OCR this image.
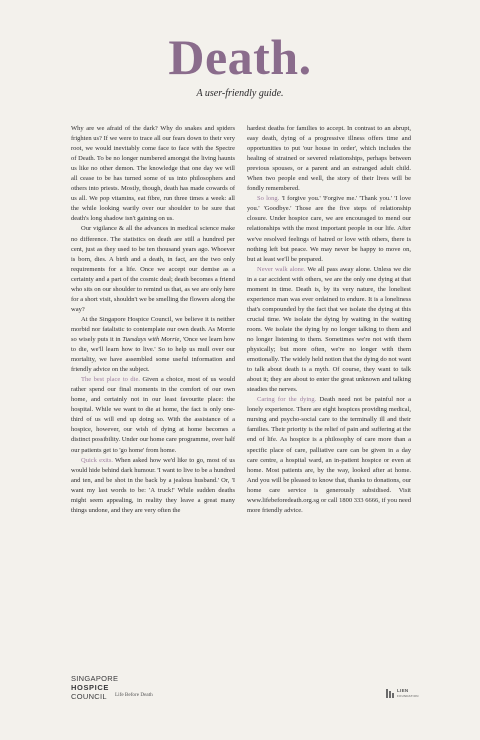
Death.
A user-friendly guide.

Why are we afraid of the dark? Why do snakes and spiders frighten us? If we were to trace all our fears down to their very root, we would inevitably come face to face with the Spectre of Death. To be no longer numbered amongst the living haunts us like no other demon. The knowledge that one day we will all cease to be has turned some of us into philosophers and others into priests. Mostly, though, death has made cowards of us all. We pop vitamins, eat fibre, run three times a week: all the while looking warily over our shoulder to be sure that death's long shadow isn't gaining on us.

Our vigilance & all the advances in medical science make no difference. The statistics on death are still a hundred per cent, just as they used to be ten thousand years ago. Whoever is born, dies. A birth and a death, in fact, are the two only requirements for a life. Once we accept our demise as a certainty and a part of the cosmic deal; death becomes a friend who sits on our shoulder to remind us that, as we are only here for a short visit, shouldn't we be smelling the flowers along the way?

At the Singapore Hospice Council, we believe it is neither morbid nor fatalistic to contemplate our own death. As Morrie so wisely puts it in Tuesdays with Morrie, 'Once we learn how to die, we'll learn how to live.' So to help us mull over our mortality, we have assembled some useful information and friendly advice on the subject.

The best place to die. Given a choice, most of us would rather spend our final moments in the comfort of our own home, and certainly not in our least favourite place: the hospital. While we want to die at home, the fact is only one-third of us will end up doing so. With the assistance of a hospice, however, our wish of dying at home becomes a distinct possibility. Under our home care programme, over half our patients get to 'go home' from home.

Quick exits. When asked how we'd like to go, most of us would hide behind dark humour. 'I want to live to be a hundred and ten, and be shot in the back by a jealous husband.' Or, 'I want my last words to be: 'A truck!' While sudden deaths might seem appealing, in reality they leave a great many things undone, and they are very often the

hardest deaths for families to accept. In contrast to an abrupt, easy death, dying of a progressive illness offers time and opportunities to put 'our house in order', which includes the healing of strained or severed relationships, perhaps between previous spouses, or a parent and an estranged adult child. When two people end well, the story of their lives will be fondly remembered.

So long. 'I forgive you.' 'Forgive me.' 'Thank you.' 'I love you.' 'Goodbye.' Those are the five steps of relationship closure. Under hospice care, we are encouraged to mend our relationships with the most important people in our life. After we've resolved feelings of hatred or love with others, there is nothing left but peace. We may never be happy to move on, but at least we'll be prepared.

Never walk alone. We all pass away alone. Unless we die in a car accident with others, we are the only one dying at that moment in time. Death is, by its very nature, the loneliest experience man was ever ordained to endure. It is a loneliness that's compounded by the fact that we isolate the dying at this crucial time. We isolate the dying by waiting in the waiting room. We isolate the dying by no longer talking to them and no longer listening to them. Sometimes we're not with them physically; but more often, we're no longer with them emotionally. The widely held notion that the dying do not want to talk about death is a myth. Of course, they want to talk about it; they are about to enter the great unknown and talking steadies the nerves.

Caring for the dying. Death need not be painful nor a lonely experience. There are eight hospices providing medical, nursing and psycho-social care to the terminally ill and their families. Their priority is the relief of pain and suffering at the end of life. As hospice is a philosophy of care more than a specific place of care, palliative care can be given in a day care centre, a hospital ward, an in-patient hospice or even at home. Most patients are, by the way, looked after at home. And you will be pleased to know that, thanks to donations, our home care service is generously subsidised. Visit www.lifebeforedeath.org.sg or call 1800 333 6666, if you need more friendly advice.

SINGAPORE
HOSPICE
COUNCIL	Life Before Death
LIEN
FOUNDATION
